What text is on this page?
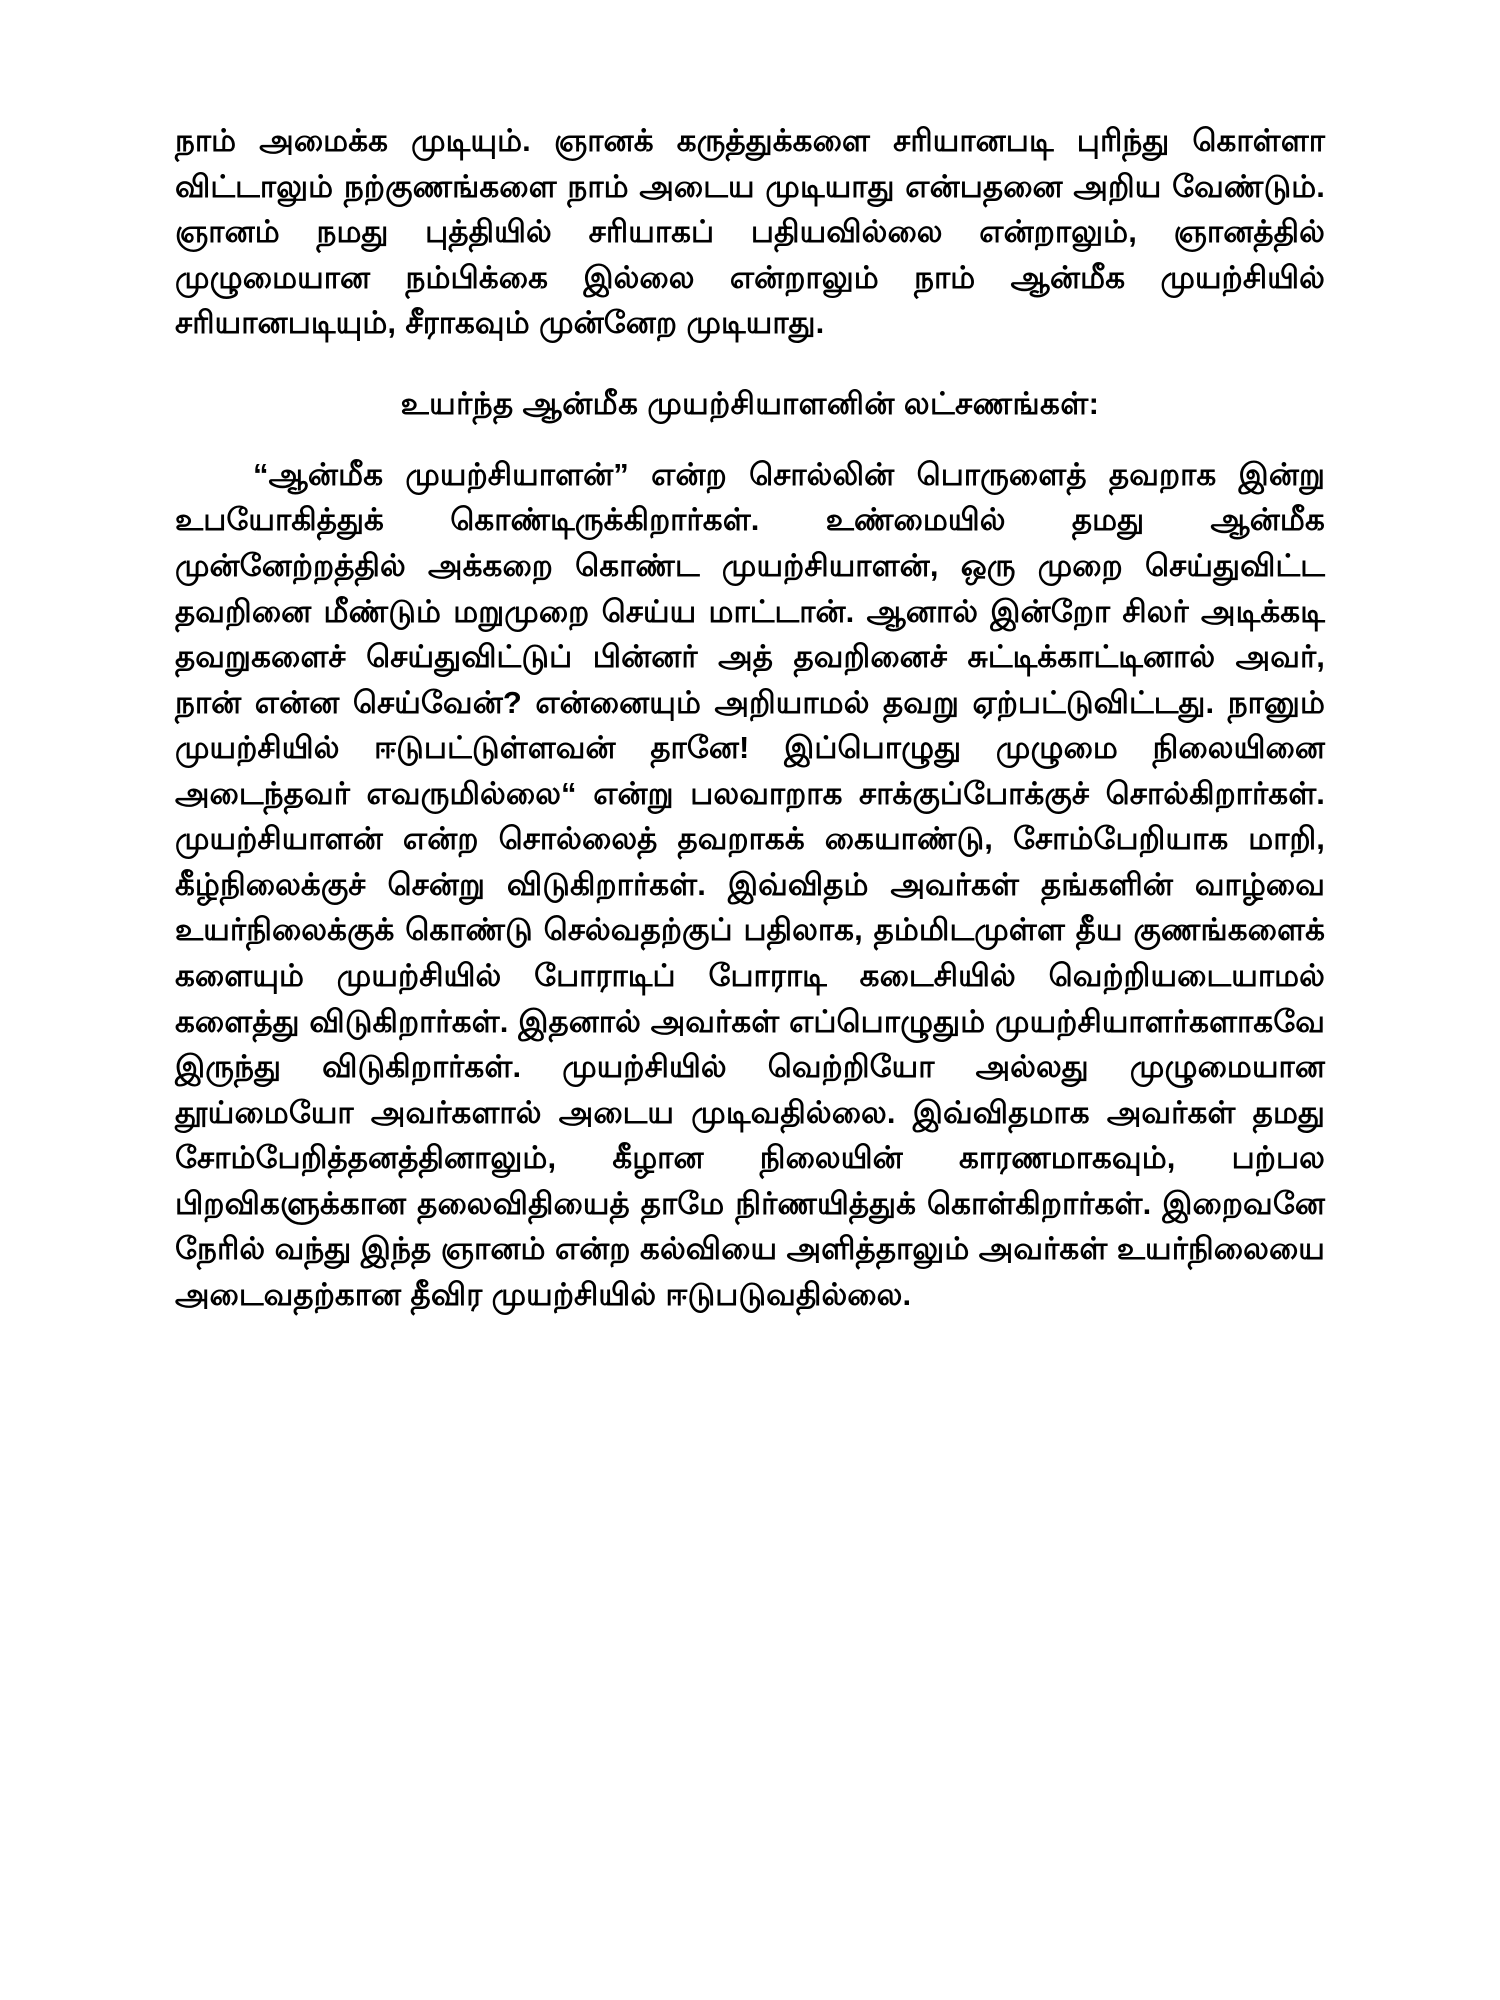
நாம் அமைக்க முடியும். ஞானக் கருத்துக்களை சரியானபடி புரிந்து கொள்ளா விட்டாலும் நற்குணங்களை நாம் அடைய முடியாது என்பதனை அறிய வேண்டும். ஞானம் நமது புத்தியில் சரியாகப் பதியவில்லை என்றாலும், ஞானத்தில் முழுமையான நம்பிக்கை இல்லை என்றாலும் நாம் ஆன்மீக முயற்சியில் சரியானபடியும், சீராகவும் முன்னேற முடியாது.

உயர்ந்த ஆன்மீக முயற்சியாளனின் லட்சணங்கள்:

“ஆன்மீக முயற்சியாளன்” என்ற சொல்லின் பொருளைத் தவறாக இன்று உபயோகித்துக் கொண்டிருக்கிறார்கள். உண்மையில் தமது ஆன்மீக முன்னேற்றத்தில் அக்கறை கொண்ட முயற்சியாளன், ஒரு முறை செய்துவிட்ட தவறினை மீண்டும் மறுமுறை செய்ய மாட்டான். ஆனால் இன்றோ சிலர் அடிக்கடி தவறுகளைச் செய்துவிட்டுப் பின்னர் அத் தவறினைச் சுட்டிக்காட்டினால் அவர், நான் என்ன செய்வேன்? என்னையும் அறியாமல் தவறு ஏற்பட்டுவிட்டது. நானும் முயற்சியில் ஈடுபட்டுள்ளவன் தானே! இப்பொழுது முழுமை நிலையினை அடைந்தவர் எவருமில்லை“ என்று பலவாறாக சாக்குப்போக்குச் சொல்கிறார்கள். முயற்சியாளன் என்ற சொல்லைத் தவறாகக் கையாண்டு, சோம்பேறியாக மாறி, கீழ்நிலைக்குச் சென்று விடுகிறார்கள். இவ்விதம் அவர்கள் தங்களின் வாழ்வை உயர்நிலைக்குக் கொண்டு செல்வதற்குப் பதிலாக, தம்மிடமுள்ள தீய குணங்களைக் களையும் முயற்சியில் போராடிப் போராடி கடைசியில் வெற்றியடையாமல் களைத்து விடுகிறார்கள். இதனால் அவர்கள் எப்பொழுதும் முயற்சியாளர்களாகவே இருந்து விடுகிறார்கள். முயற்சியில் வெற்றியோ அல்லது முழுமையான தூய்மையோ அவர்களால் அடைய முடிவதில்லை. இவ்விதமாக அவர்கள் தமது சோம்பேறித்தனத்தினாலும், கீழான நிலையின் காரணமாகவும், பற்பல பிறவிகளுக்கான தலைவிதியைத் தாமே நிர்ணயித்துக் கொள்கிறார்கள். இறைவனே நேரில் வந்து இந்த ஞானம் என்ற கல்வியை அளித்தாலும் அவர்கள் உயர்நிலையை அடைவதற்கான தீவிர முயற்சியில் ஈடுபடுவதில்லை.
